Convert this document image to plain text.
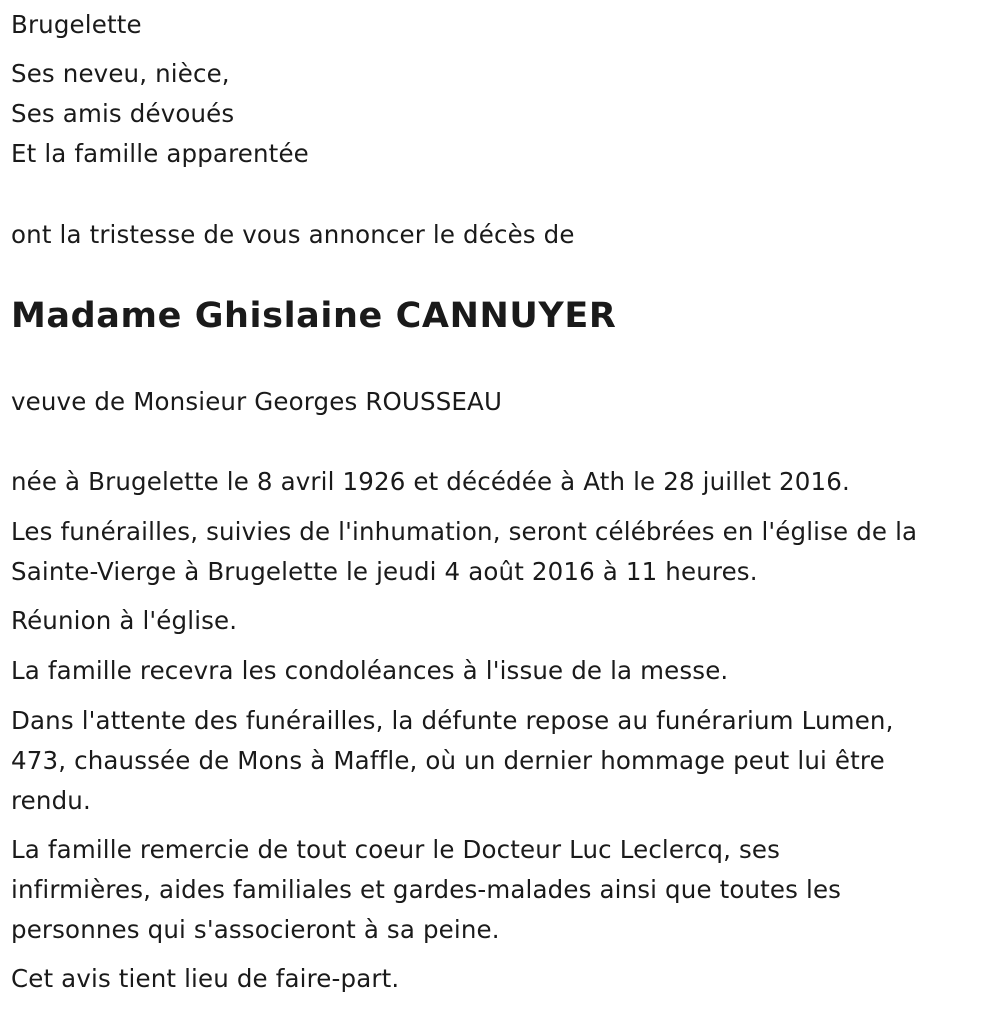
Brugelette

Ses neveu, nièce,

Ses amis dévoués

Et la famille apparentée

ont la tristesse de vous annoncer le décès de

Madame Ghislaine CANNUYER

veuve de Monsieur Georges ROUSSEAU

née à Brugelette le 8 avril 1926 et décédée à Ath le 28 juillet 2016.

Les funérailles, suivies de l'inhumation, seront célébrées en l'église de la

Sainte-Vierge à Brugelette le jeudi 4 août 2016 à 11 heures.

Réunion à l'église.

La famille recevra les condoléances à l'issue de la messe.

Dans l'attente des funérailles, la défunte repose au funérarium Lumen,

473, chaussée de Mons à Maffle, où un dernier hommage peut lui être

rendu.

La famille remercie de tout coeur le Docteur Luc Leclercq, ses

infirmières, aides familiales et gardes-malades ainsi que toutes les

personnes qui s'associeront à sa peine.

Cet avis tient lieu de faire-part.
